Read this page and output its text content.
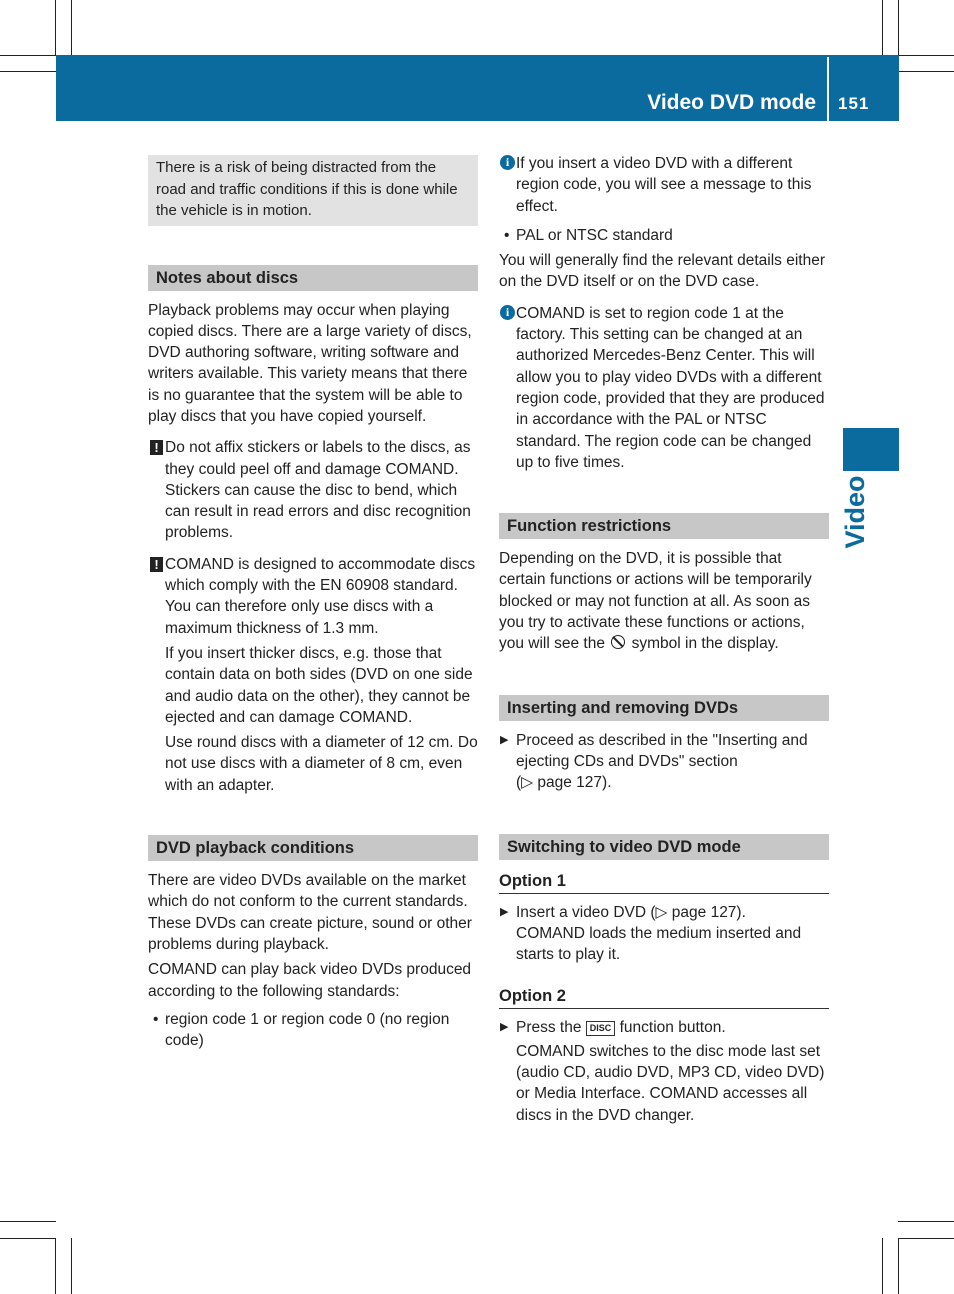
Video DVD mode 151
Video
There is a risk of being distracted from the road and traffic conditions if this is done while the vehicle is in motion.
Notes about discs

Playback problems may occur when playing copied discs. There are a large variety of discs, DVD authoring software, writing software and writers available. This variety means that there is no guarantee that the system will be able to play discs that you have copied yourself.

! Do not affix stickers or labels to the discs, as they could peel off and damage COMAND. Stickers can cause the disc to bend, which can result in read errors and disc recognition problems.
! COMAND is designed to accommodate discs which comply with the EN 60908 standard. You can therefore only use discs with a maximum thickness of 1.3 mm.

If you insert thicker discs, e.g. those that contain data on both sides (DVD on one side and audio data on the other), they cannot be ejected and can damage COMAND.

Use round discs with a diameter of 12 cm. Do not use discs with a diameter of 8 cm, even with an adapter.

DVD playback conditions

There are video DVDs available on the market which do not conform to the current standards.

These DVDs can create picture, sound or other problems during playback.

COMAND can play back video DVDs produced according to the following standards:

• region code 1 or region code 0 (no region code)
i If you insert a video DVD with a different region code, you will see a message to this effect.
• PAL or NTSC standard

You will generally find the relevant details either on the DVD itself or on the DVD case.

i COMAND is set to region code 1 at the factory. This setting can be changed at an authorized Mercedes-Benz Center. This will allow you to play video DVDs with a different region code, provided that they are produced in accordance with the PAL or NTSC standard. The region code can be changed up to five times.
Function restrictions

Depending on the DVD, it is possible that certain functions or actions will be temporarily blocked or may not function at all. As soon as you try to activate these functions or actions, you will see the symbol in the display.

Inserting and removing DVDs
▶ Proceed as described in the "Inserting and ejecting CDs and DVDs" section
(▷ page 127).
Switching to video DVD mode
Option 1
▶ Insert a video DVD (▷ page 127).

COMAND loads the medium inserted and starts to play it.

Option 2
▶ Press the DISC function button.

COMAND switches to the disc mode last set (audio CD, audio DVD, MP3 CD, video DVD) or Media Interface. COMAND accesses all discs in the DVD changer.
